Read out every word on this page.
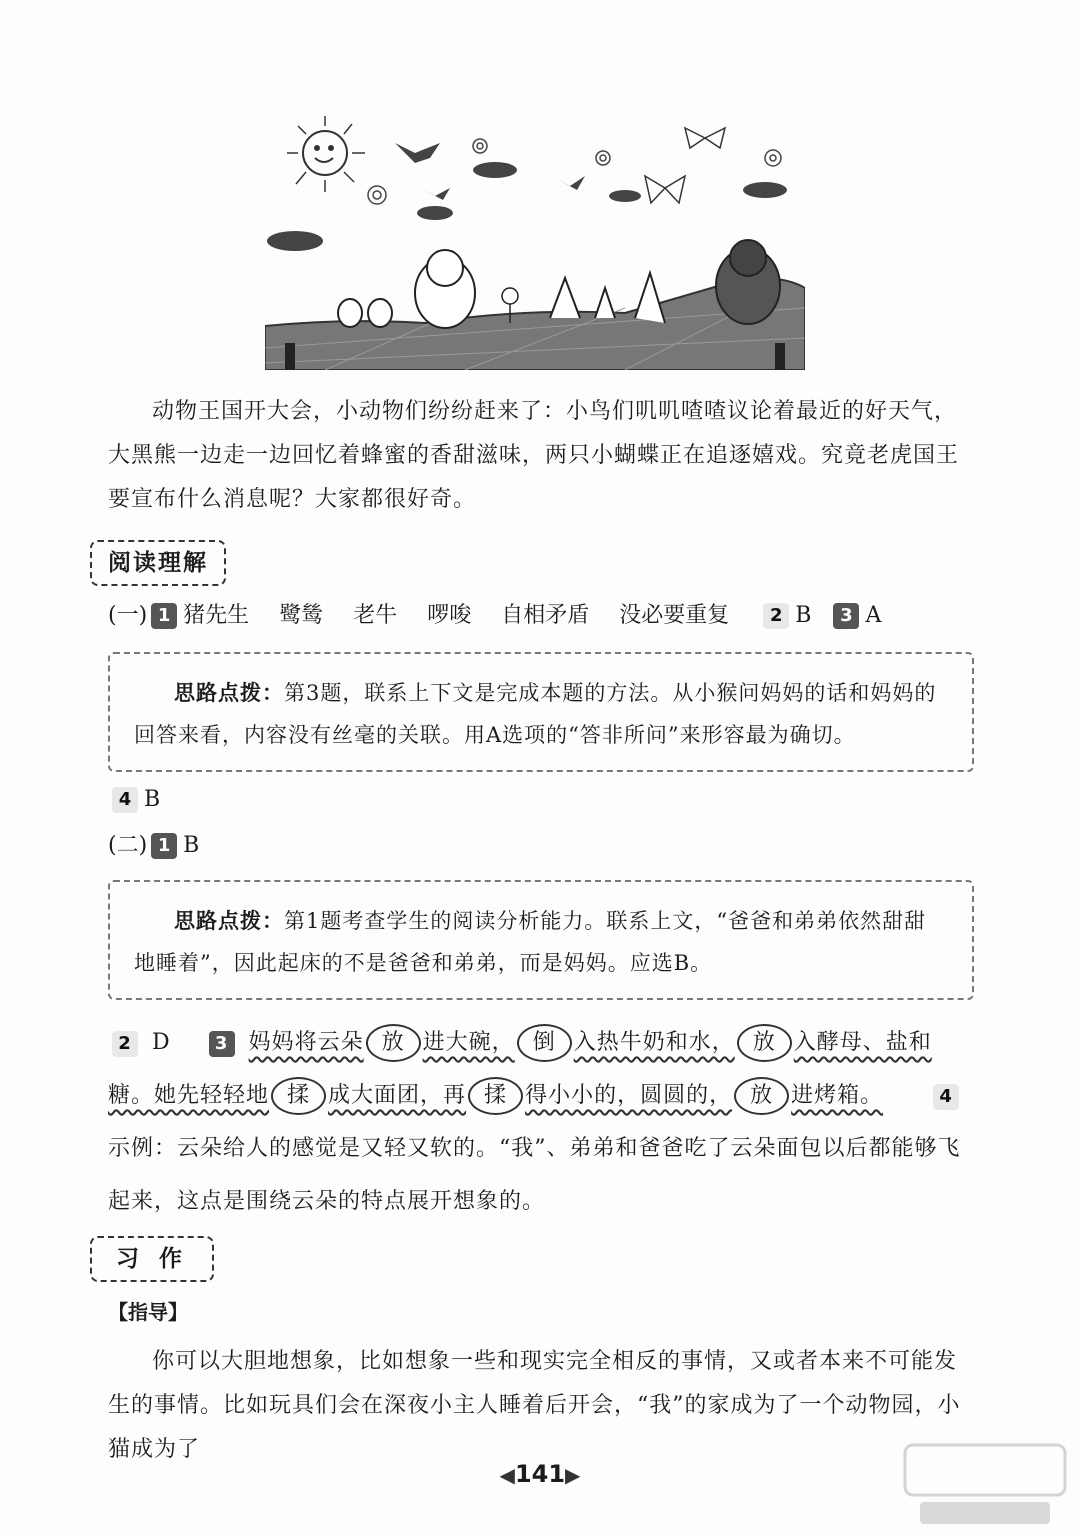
动物王国开大会，小动物们纷纷赶来了：小鸟们叽叽喳喳议论着最近的好天气，大黑熊一边走一边回忆着蜂蜜的香甜滋味，两只小蝴蝶正在追逐嬉戏。究竟老虎国王要宣布什么消息呢？大家都很好奇。

阅读理解
(一) 1 猪先生 鹭鸶 老牛 啰唆 自相矛盾 没必要重复	2 B	3 A
思路点拨：第3题，联系上下文是完成本题的方法。从小猴问妈妈的话和妈妈的回答来看，内容没有丝毫的关联。用A选项的“答非所问”来形容最为确切。
4 B
(二) 1 B
思路点拨：第1题考查学生的阅读分析能力。联系上文，“爸爸和弟弟依然甜甜地睡着”，因此起床的不是爸爸和弟弟，而是妈妈。应选B。
2 D 3 妈妈将云朵 放 进大碗， 倒 入热牛奶和水， 放 入酵母、盐和糖。她先轻轻地 揉 成大面团，再 揉 得小小的，圆圆的， 放 进烤箱。	4 示例：云朵给人的感觉是又轻又软的。“我”、弟弟和爸爸吃了云朵面包以后都能够飞起来，这点是围绕云朵的特点展开想象的。
习作
【指导】

你可以大胆地想象，比如想象一些和现实完全相反的事情，又或者本来不可能发生的事情。比如玩具们会在深夜小主人睡着后开会，“我”的家成为了一个动物园，小猫成为了

◀141▶
